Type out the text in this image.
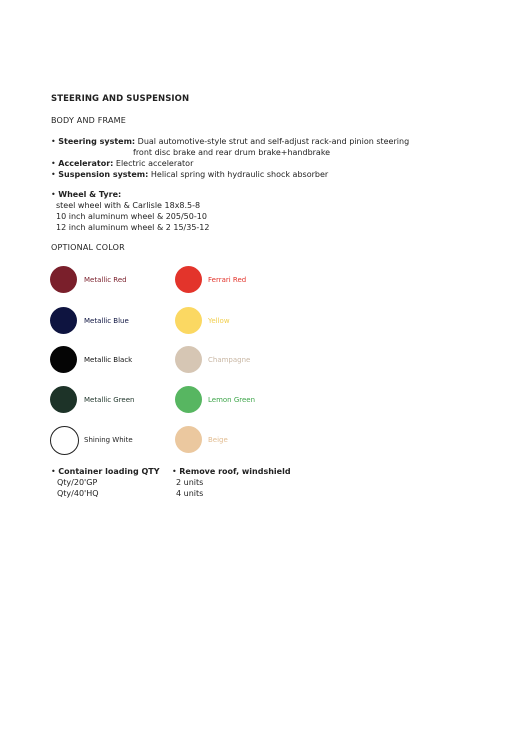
STEERING AND SUSPENSION
BODY AND FRAME
• Steering system: Dual automotive-style strut and self-adjust rack-and pinion steering
front disc brake and rear drum brake+handbrake
• Accelerator: Electric accelerator
• Suspension system: Helical spring with hydraulic shock absorber
• Wheel & Tyre:
steel wheel with & Carlisle 18x8.5-8
10 inch aluminum wheel & 205/50-10
12 inch aluminum wheel & 2 15/35-12
OPTIONAL COLOR
Metallic Red
Metallic Blue
Metallic Black
Metallic Green
Shining White
Ferrari Red
Yellow
Champagne
Lemon Green
Beige
• Container loading QTY
Qty/20'GP
Qty/40'HQ
• Remove roof, windshield
2 units
4 units
